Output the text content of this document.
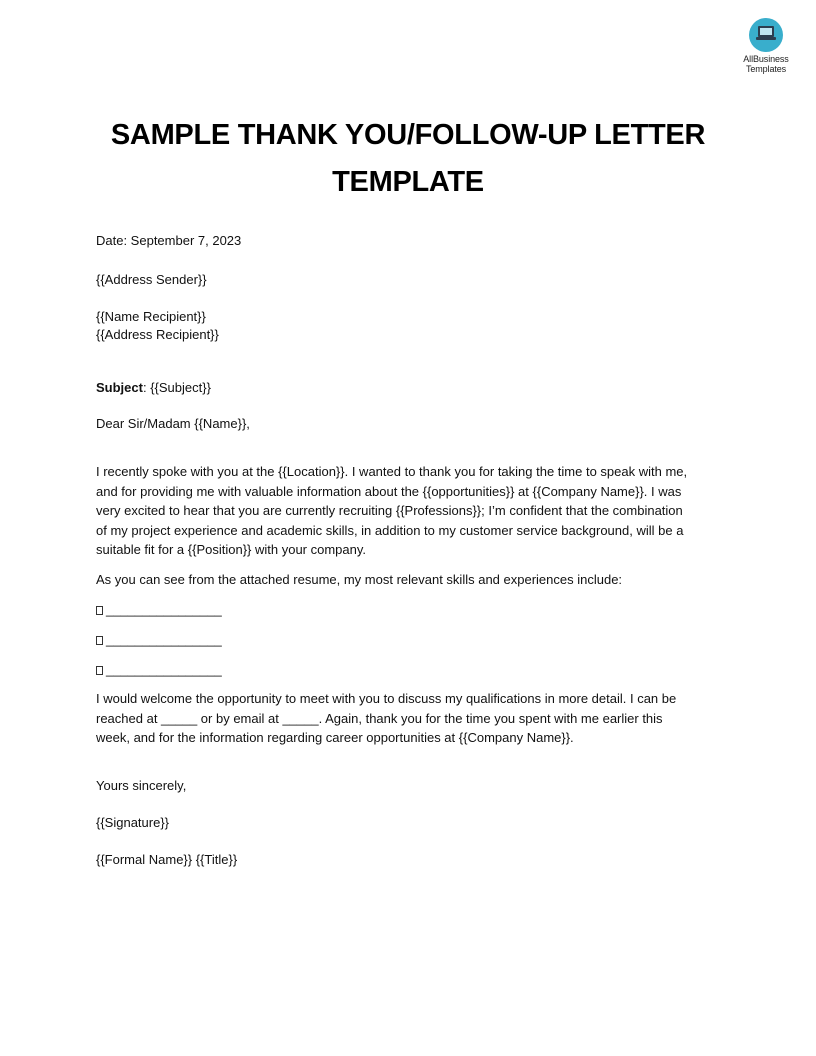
AllBusiness
Templates
SAMPLE THANK YOU/FOLLOW-UP LETTER
TEMPLATE
Date: September 7, 2023
{{Address Sender}}
{{Name Recipient}}
{{Address Recipient}}
Subject: {{Subject}}
Dear Sir/Madam {{Name}},
I recently spoke with you at the {{Location}}. I wanted to thank you for taking the time to speak with me,
and for providing me with valuable information about the {{opportunities}} at {{Company Name}}. I was
very excited to hear that you are currently recruiting {{Professions}}; I’m confident that the combination
of my project experience and academic skills, in addition to my customer service background, will be a
suitable fit for a {{Position}} with your company.
As you can see from the attached resume, my most relevant skills and experiences include:
________________
________________
________________
I would welcome the opportunity to meet with you to discuss my qualifications in more detail. I can be
reached at _____ or by email at _____. Again, thank you for the time you spent with me earlier this
week, and for the information regarding career opportunities at {{Company Name}}.
Yours sincerely,
{{Signature}}
{{Formal Name}} {{Title}}
